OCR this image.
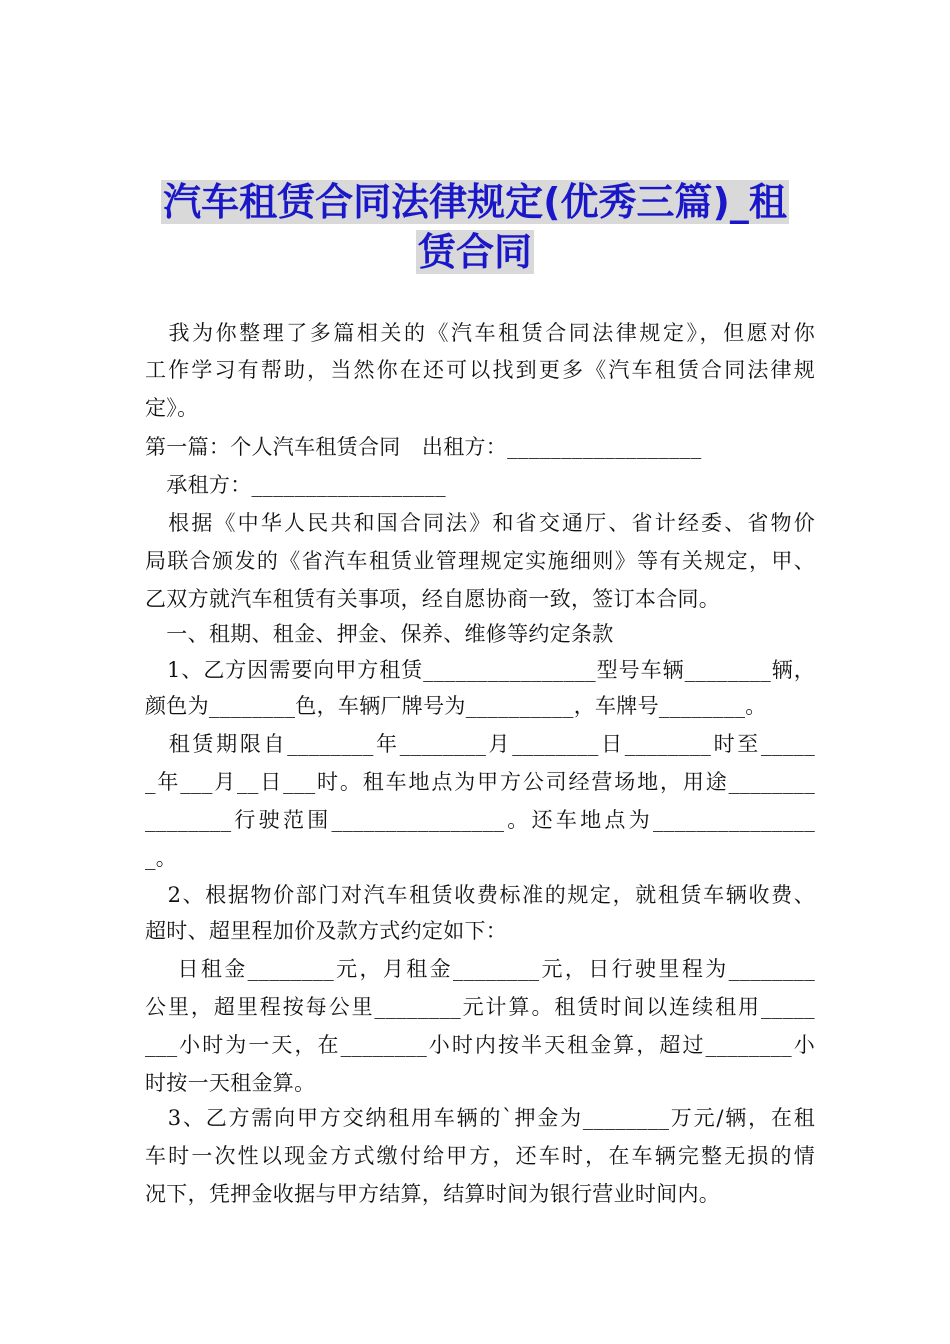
汽车租赁合同法律规定(优秀三篇)_租
赁合同
　我为你整理了多篇相关的《汽车租赁合同法律规定》，但愿对你
工作学习有帮助，当然你在还可以找到更多《汽车租赁合同法律规
定》。
第一篇：个人汽车租赁合同　出租方：__________________
　承租方：__________________
　根据《中华人民共和国合同法》和省交通厅、省计经委、省物价
局联合颁发的《省汽车租赁业管理规定实施细则》等有关规定，甲、
乙双方就汽车租赁有关事项，经自愿协商一致，签订本合同。
　一、租期、租金、押金、保养、维修等约定条款
　1、乙方因需要向甲方租赁________________型号车辆________辆，
颜色为________色，车辆厂牌号为__________，车牌号________。
　租赁期限自________年________月________日________时至_____
_年___月__日___时。租车地点为甲方公司经营场地，用途________
________行驶范围________________。还车地点为_______________
_。
　2、根据物价部门对汽车租赁收费标准的规定，就租赁车辆收费、
超时、超里程加价及款方式约定如下：
　 日租金________元，月租金________元，日行驶里程为________
公里，超里程按每公里________元计算。租赁时间以连续租用_____
___小时为一天，在________小时内按半天租金算，超过________小
时按一天租金算。
　3、乙方需向甲方交纳租用车辆的`押金为________万元/辆，在租
车时一次性以现金方式缴付给甲方，还车时，在车辆完整无损的情
况下，凭押金收据与甲方结算，结算时间为银行营业时间内。
